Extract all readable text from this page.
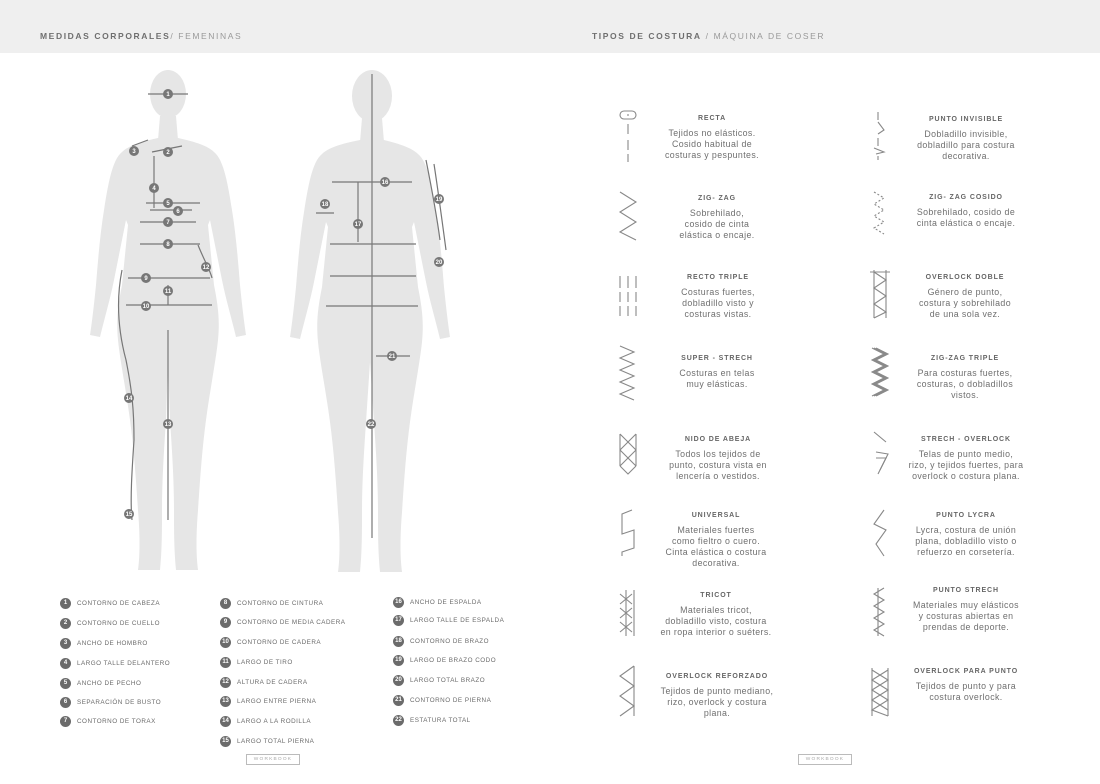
MEDIDAS CORPORALES/ FEMENINAS	TIPOS DE COSTURA / MÁQUINA DE COSER
1
2
3
4
5
6
7
8
9
10
11
12
13
14
15
16
17
18
19
20
21
22
1 CONTORNO DE CABEZA
2 CONTORNO DE CUELLO
3 ANCHO DE HOMBRO
4 LARGO TALLE DELANTERO
5 ANCHO DE PECHO
6 SEPARACIÓN DE BUSTO
7 CONTORNO DE TORAX
8 CONTORNO DE CINTURA
9 CONTORNO DE MEDIA CADERA
10 CONTORNO DE CADERA
11 LARGO DE TIRO
12 ALTURA DE CADERA
13 LARGO ENTRE PIERNA
14 LARGO A LA RODILLA
15 LARGO TOTAL PIERNA
16 ANCHO DE ESPALDA
17 LARGO TALLE DE ESPALDA
18 CONTORNO DE BRAZO
19 LARGO DE BRAZO CODO
20 LARGO TOTAL BRAZO
21 CONTORNO DE PIERNA
22 ESTATURA TOTAL
WORKBOOK	WORKBOOK
RECTA
Tejidos no elásticos.
Cosido habitual de
costuras y pespuntes.
PUNTO INVISIBLE
Dobladillo invisible,
dobladillo para costura
decorativa.
ZIG- ZAG
Sobrehilado,
cosido de cinta
elástica o encaje.
ZIG- ZAG COSIDO
Sobrehilado, cosido de
cinta elástica o encaje.
RECTO TRIPLE
Costuras fuertes,
dobladillo visto y
costuras vistas.
OVERLOCK DOBLE
Género de punto,
costura y sobrehilado
de una sola vez.
SUPER - STRECH
Costuras en telas
muy elásticas.
ZIG-ZAG TRIPLE
Para costuras fuertes,
costuras, o dobladillos
vistos.
NIDO DE ABEJA
Todos los tejidos de
punto, costura vista en
lencería o vestidos.
STRECH - OVERLOCK
Telas de punto medio,
rizo, y tejidos fuertes, para
overlock o costura plana.
UNIVERSAL
Materiales fuertes
como fieltro o cuero.
Cinta elástica o costura
decorativa.
PUNTO LYCRA
Lycra, costura de unión
plana, dobladillo visto o
refuerzo en corsetería.
TRICOT
Materiales tricot,
dobladillo visto, costura
en ropa interior o suéters.
PUNTO STRECH
Materiales muy elásticos
y costuras abiertas en
prendas de deporte.
OVERLOCK REFORZADO
Tejidos de punto mediano,
rizo, overlock y costura
plana.
OVERLOCK PARA PUNTO
Tejidos de punto y para
costura overlock.
